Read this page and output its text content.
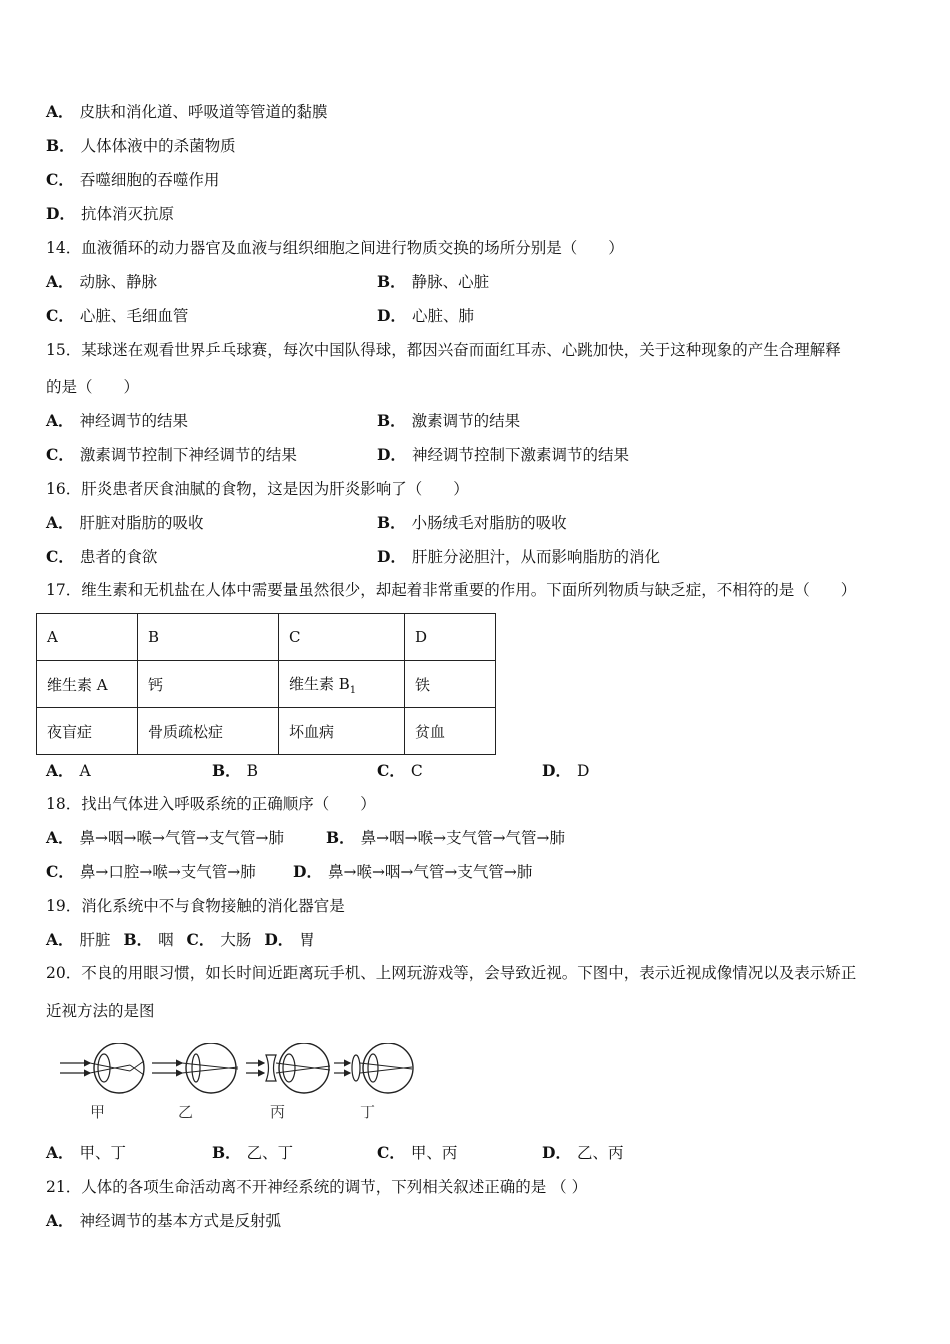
A． 皮肤和消化道、呼吸道等管道的黏膜
B． 人体体液中的杀菌物质
C． 吞噬细胞的吞噬作用
D． 抗体消灭抗原
14．血液循环的动力器官及血液与组织细胞之间进行物质交换的场所分别是（　　）
A． 动脉、静脉	B． 静脉、心脏
C． 心脏、毛细血管	D． 心脏、肺
15．某球迷在观看世界乒乓球赛，每次中国队得球，都因兴奋而面红耳赤、心跳加快，关于这种现象的产生合理解释
的是（　　）
A． 神经调节的结果	B． 激素调节的结果
C． 激素调节控制下神经调节的结果	D． 神经调节控制下激素调节的结果
16．肝炎患者厌食油腻的食物，这是因为肝炎影响了（　　）
A． 肝脏对脂肪的吸收	B． 小肠绒毛对脂肪的吸收
C． 患者的食欲	D． 肝脏分泌胆汁，从而影响脂肪的消化
17．维生素和无机盐在人体中需要量虽然很少，却起着非常重要的作用。下面所列物质与缺乏症，不相符的是（　　）
A	B	C	D
维生素 A	钙	维生素 $B_1$	铁
夜盲症	骨质疏松症	坏血病	贫血
A． A	B． B	C． C	D． D
18．找出气体进入呼吸系统的正确顺序（　　）
A． 鼻→咽→喉→气管→支气管→肺	B． 鼻→咽→喉→支气管→气管→肺
C． 鼻→口腔→喉→支气管→肺 D． 鼻→喉→咽→气管→支气管→肺
19．消化系统中不与食物接触的消化器官是
A． 肝脏 B． 咽 C． 大肠 D． 胃
20．不良的用眼习惯，如长时间近距离玩手机、上网玩游戏等，会导致近视。下图中，表示近视成像情况以及表示矫正
近视方法的是图
甲	乙	丙	丁
A． 甲、丁	B． 乙、丁	C． 甲、丙	D． 乙、丙
21．人体的各项生命活动离不开神经系统的调节，下列相关叙述正确的是 （ ）
A． 神经调节的基本方式是反射弧
